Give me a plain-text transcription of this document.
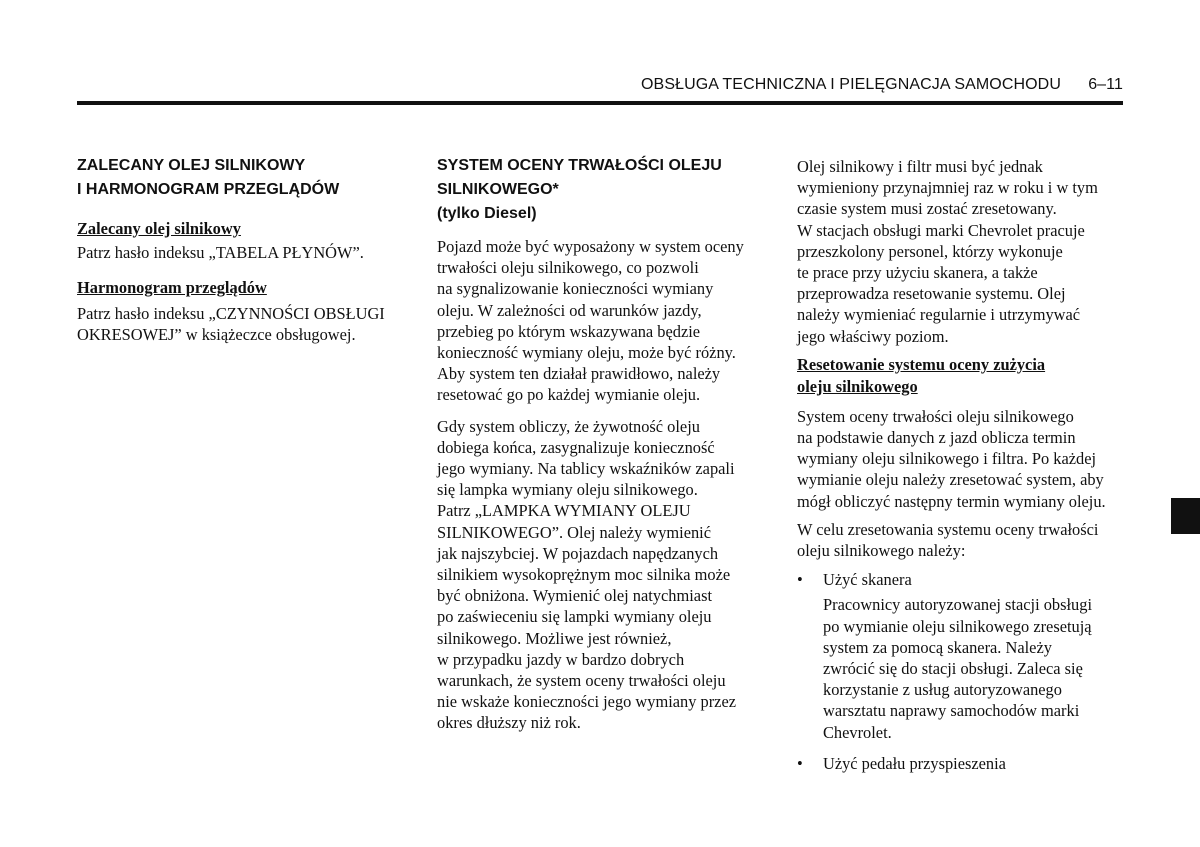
OBSŁUGA TECHNICZNA I PIELĘGNACJA SAMOCHODU 6–11
ZALECANY OLEJ SILNIKOWY
I HARMONOGRAM PRZEGLĄDÓW
Zalecany olej silnikowy

Patrz hasło indeksu „TABELA PŁYNÓW”.

Harmonogram przeglądów

Patrz hasło indeksu „CZYNNOŚCI OBSŁUGI
OKRESOWEJ” w książeczce obsługowej.

SYSTEM OCENY TRWAŁOŚCI OLEJU
SILNIKOWEGO*
(tylko Diesel)

Pojazd może być wyposażony w system oceny
trwałości oleju silnikowego, co pozwoli
na sygnalizowanie konieczności wymiany
oleju. W zależności od warunków jazdy,
przebieg po którym wskazywana będzie
konieczność wymiany oleju, może być różny.
Aby system ten działał prawidłowo, należy
resetować go po każdej wymianie oleju.

Gdy system obliczy, że żywotność oleju
dobiega końca, zasygnalizuje konieczność
jego wymiany. Na tablicy wskaźników zapali
się lampka wymiany oleju silnikowego.
Patrz „LAMPKA WYMIANY OLEJU
SILNIKOWEGO”. Olej należy wymienić
jak najszybciej. W pojazdach napędzanych
silnikiem wysokoprężnym moc silnika może
być obniżona. Wymienić olej natychmiast
po zaświeceniu się lampki wymiany oleju
silnikowego. Możliwe jest również,
w przypadku jazdy w bardzo dobrych
warunkach, że system oceny trwałości oleju
nie wskaże konieczności jego wymiany przez
okres dłuższy niż rok.

Olej silnikowy i filtr musi być jednak
wymieniony przynajmniej raz w roku i w tym
czasie system musi zostać zresetowany.
W stacjach obsługi marki Chevrolet pracuje
przeszkolony personel, którzy wykonuje
te prace przy użyciu skanera, a także
przeprowadza resetowanie systemu. Olej
należy wymieniać regularnie i utrzymywać
jego właściwy poziom.

Resetowanie systemu oceny zużycia
oleju silnikowego

System oceny trwałości oleju silnikowego
na podstawie danych z jazd oblicza termin
wymiany oleju silnikowego i filtra. Po każdej
wymianie oleju należy zresetować system, aby
mógł obliczyć następny termin wymiany oleju.

W celu zresetowania systemu oceny trwałości
oleju silnikowego należy:

• Użyć skanera
Pracownicy autoryzowanej stacji obsługi
po wymianie oleju silnikowego zresetują
system za pomocą skanera. Należy
zwrócić się do stacji obsługi. Zaleca się
korzystanie z usług autoryzowanego
warsztatu naprawy samochodów marki
Chevrolet.
• Użyć pedału przyspieszenia
